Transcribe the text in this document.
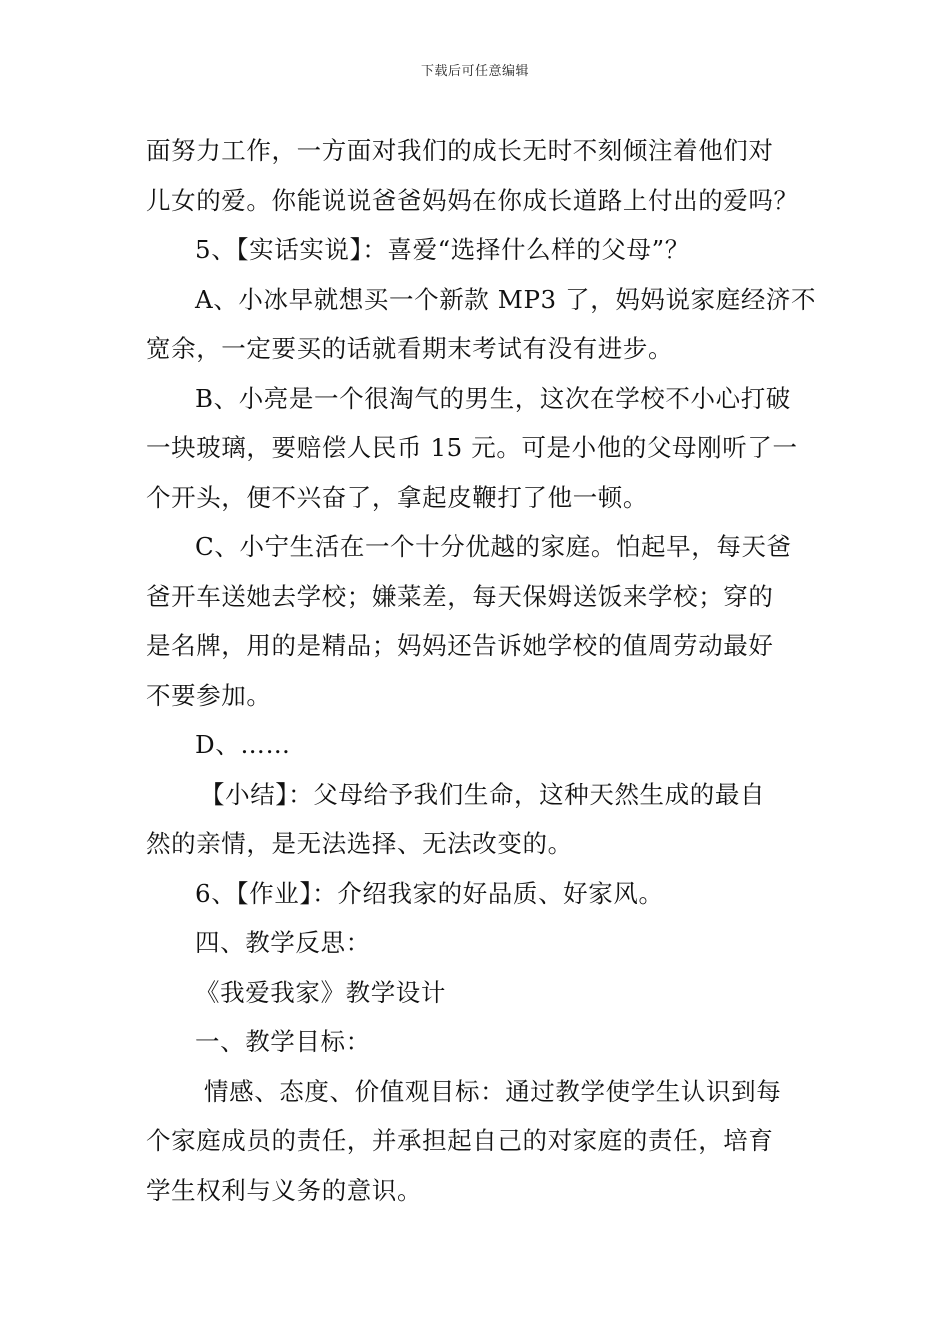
下载后可任意编辑
面努力工作，一方面对我们的成长无时不刻倾注着他们对
儿女的爱。你能说说爸爸妈妈在你成长道路上付出的爱吗？
5、【实话实说】：喜爱“选择什么样的父母”？
A、小冰早就想买一个新款 MP3 了，妈妈说家庭经济不
宽余，一定要买的话就看期末考试有没有进步。
B、小亮是一个很淘气的男生，这次在学校不小心打破
一块玻璃，要赔偿人民币 15 元。可是小他的父母刚听了一
个开头，便不兴奋了，拿起皮鞭打了他一顿。
C、小宁生活在一个十分优越的家庭。怕起早，每天爸
爸开车送她去学校；嫌菜差，每天保姆送饭来学校；穿的
是名牌，用的是精品；妈妈还告诉她学校的值周劳动最好
不要参加。
D、……
【小结】：父母给予我们生命，这种天然生成的最自
然的亲情，是无法选择、无法改变的。
6、【作业】：介绍我家的好品质、好家风。
四、教学反思：
《我爱我家》教学设计
一、教学目标：
情感、态度、价值观目标：通过教学使学生认识到每
个家庭成员的责任，并承担起自己的对家庭的责任，培育
学生权利与义务的意识。
